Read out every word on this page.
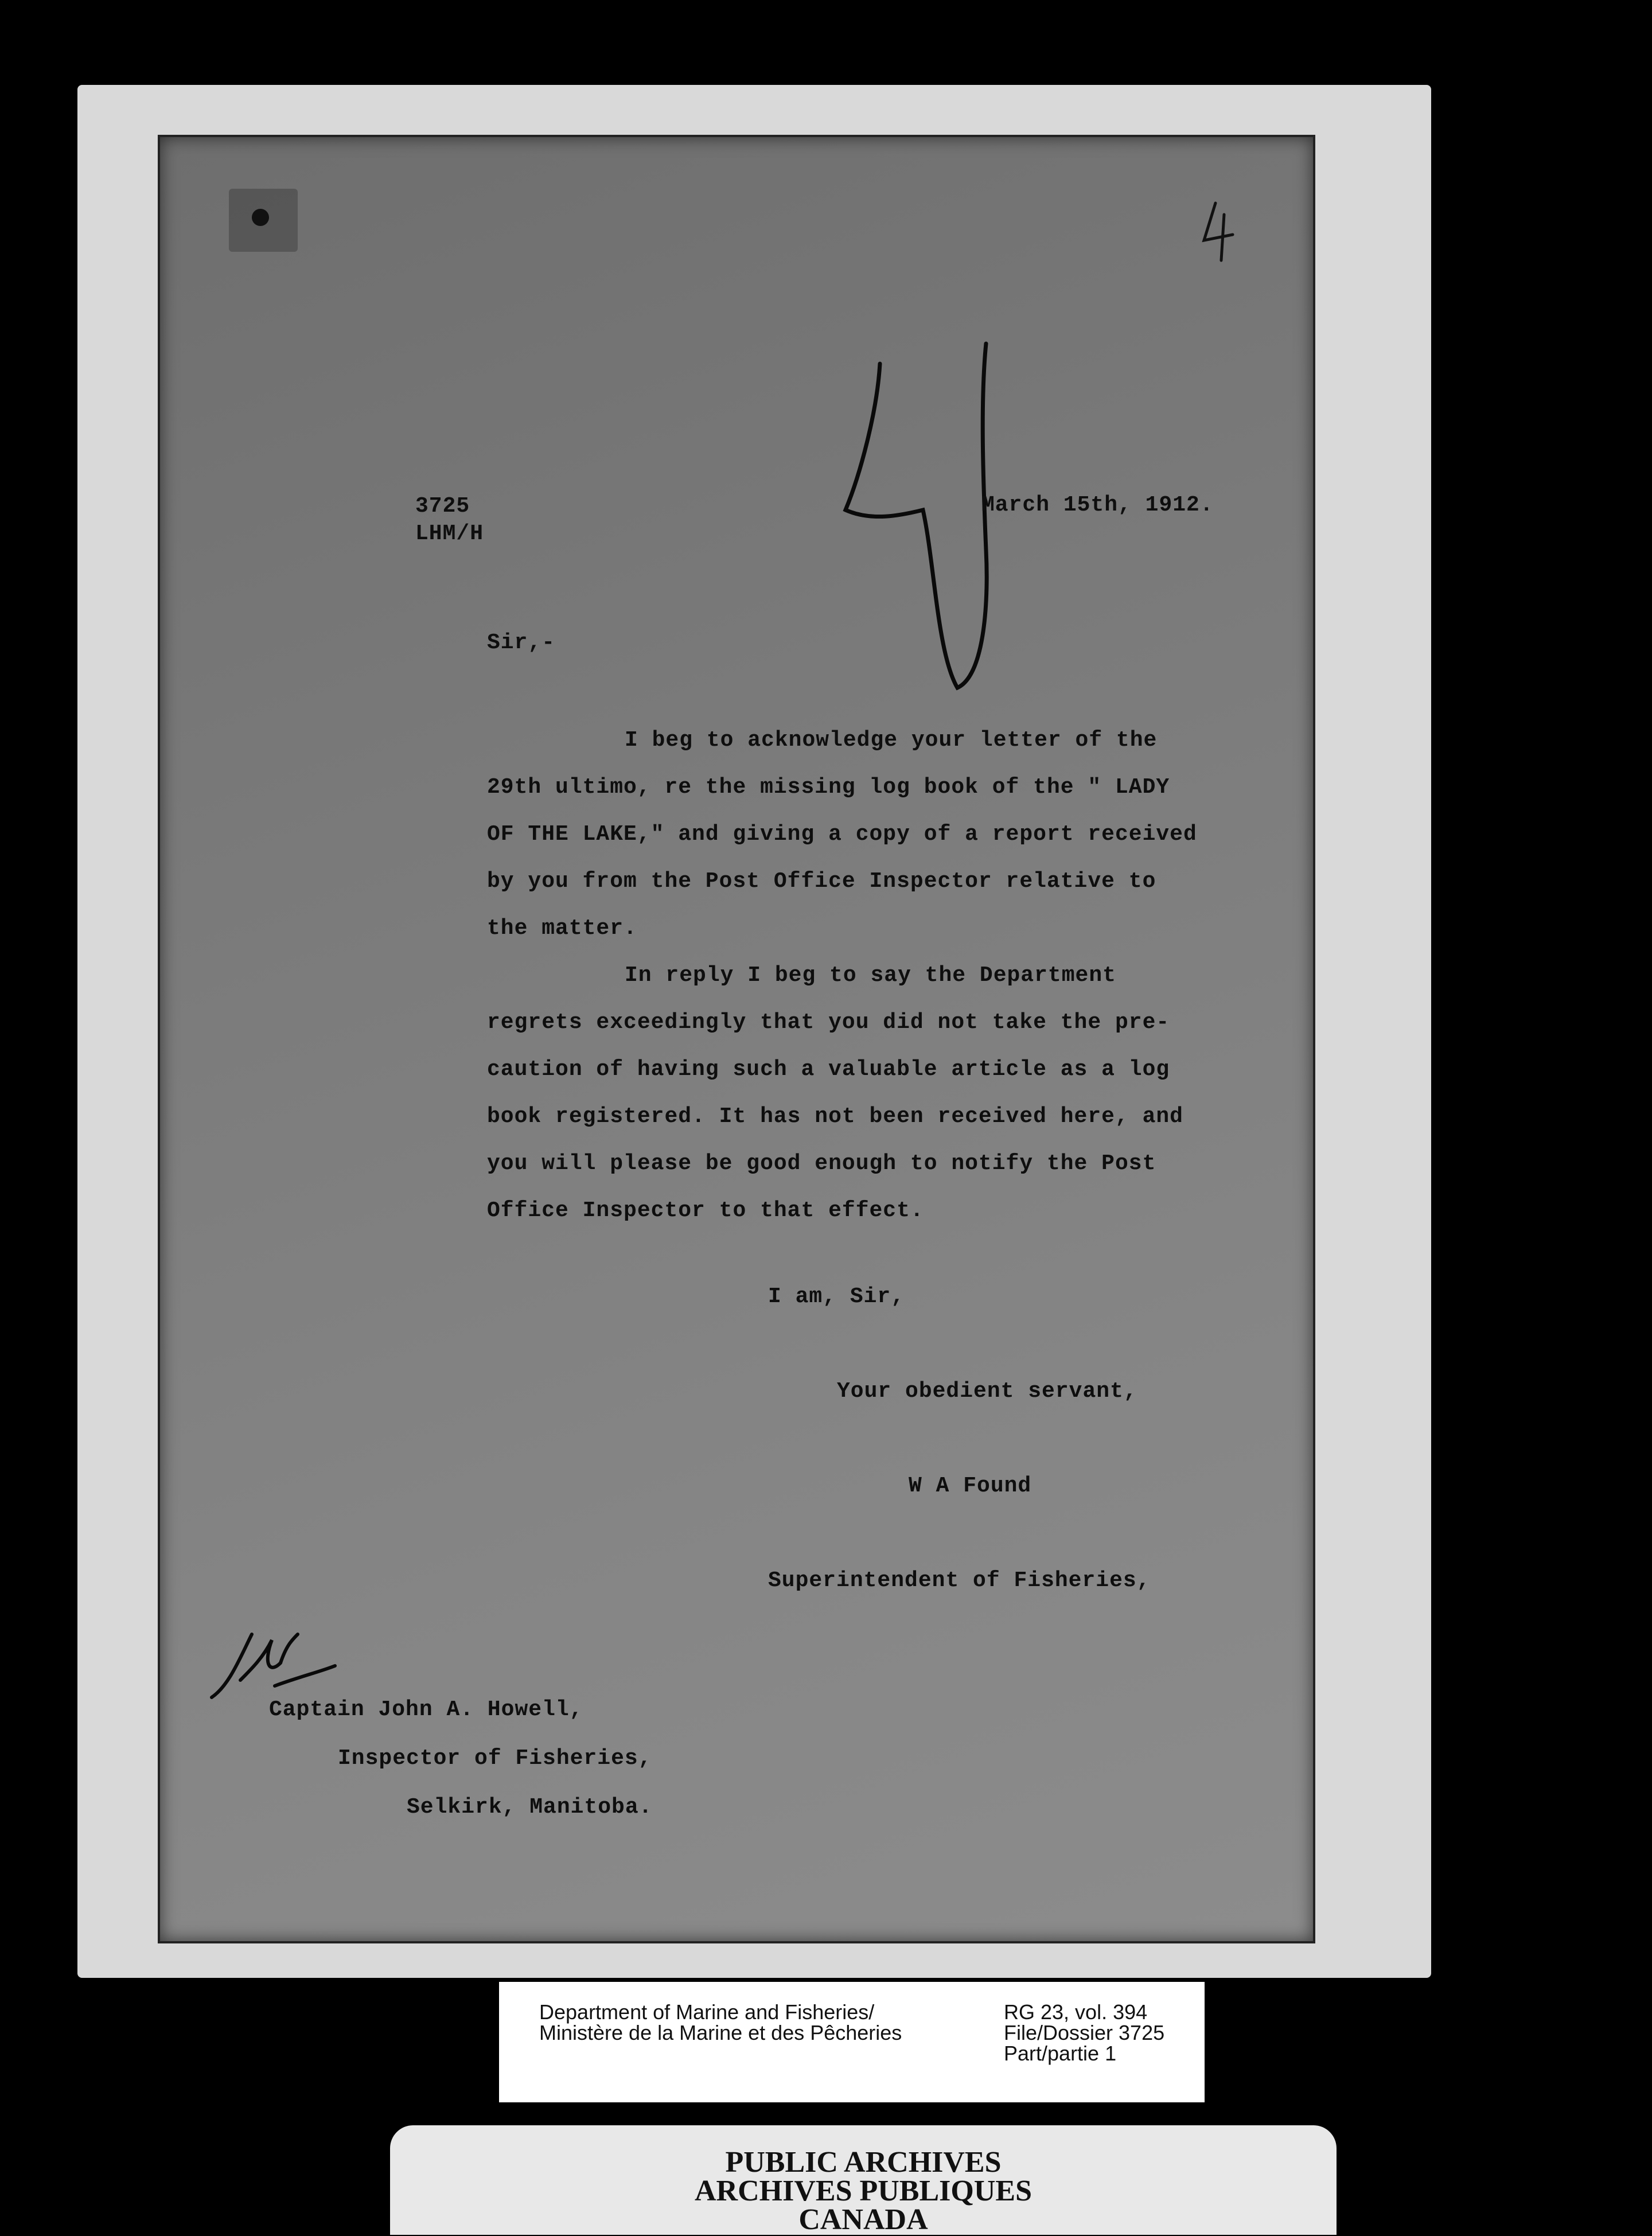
3725
LHM/H
March 15th, 1912.
Sir,-
I beg to acknowledge your letter of the
29th ultimo, re the missing log book of the " LADY
OF THE LAKE," and giving a copy of a report received
by you from the Post Office Inspector relative to
the matter.
In reply I beg to say the Department
regrets exceedingly that you did not take the pre-
caution of having such a valuable article as a log
book registered. It has not been received here, and
you will please be good enough to notify the Post
Office Inspector to that effect.
I am, Sir,
Your obedient servant,
W A Found
Superintendent of Fisheries,
Captain John A. Howell,
Inspector of Fisheries,
Selkirk, Manitoba.
Department of Marine and Fisheries/
Ministère de la Marine et des Pêcheries
RG 23, vol. 394
File/Dossier 3725
Part/partie 1
PUBLIC ARCHIVES
ARCHIVES PUBLIQUES
CANADA
